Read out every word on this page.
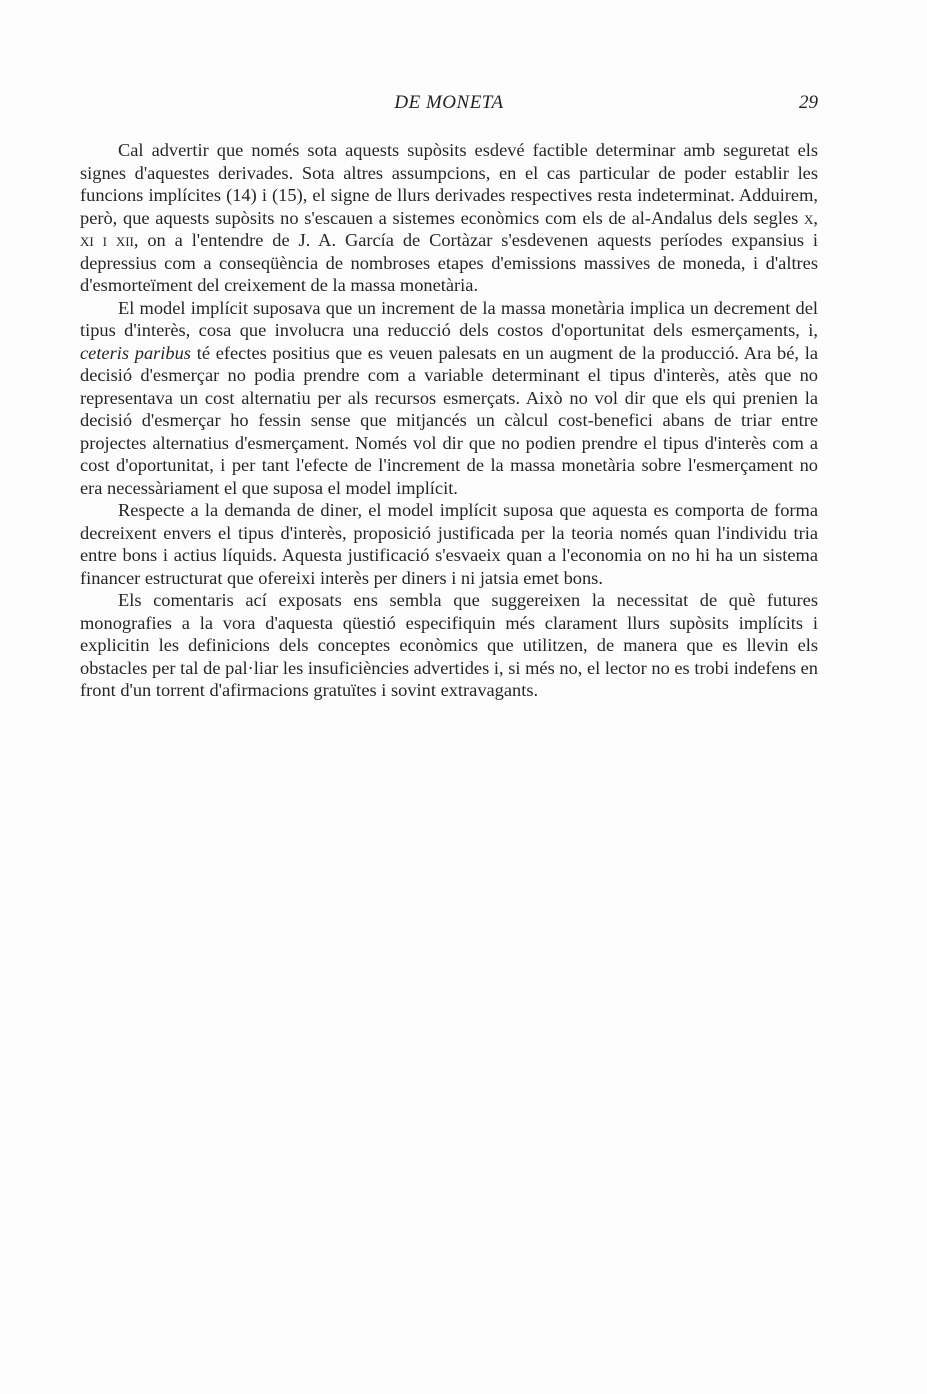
DE MONETA	29

Cal advertir que només sota aquests supòsits esdevé factible determinar amb seguretat els signes d'aquestes derivades. Sota altres assumpcions, en el cas particular de poder establir les funcions implícites (14) i (15), el signe de llurs derivades respectives resta indeterminat. Adduirem, però, que aquests supòsits no s'escauen a sistemes econòmics com els de al-Andalus dels segles x, xi i xii, on a l'entendre de J. A. García de Cortàzar s'esdevenen aquests períodes expansius i depressius com a conseqüència de nombroses etapes d'emissions massives de moneda, i d'altres d'esmorteïment del creixement de la massa monetària.

El model implícit suposava que un increment de la massa monetària implica un decrement del tipus d'interès, cosa que involucra una reducció dels costos d'oportunitat dels esmerçaments, i, ceteris paribus té efectes positius que es veuen palesats en un augment de la producció. Ara bé, la decisió d'esmerçar no podia prendre com a variable determinant el tipus d'interès, atès que no representava un cost alternatiu per als recursos esmerçats. Això no vol dir que els qui prenien la decisió d'esmerçar ho fessin sense que mitjancés un càlcul cost-benefici abans de triar entre projectes alternatius d'esmerçament. Només vol dir que no podien prendre el tipus d'interès com a cost d'oportunitat, i per tant l'efecte de l'increment de la massa monetària sobre l'esmerçament no era necessàriament el que suposa el model implícit.

Respecte a la demanda de diner, el model implícit suposa que aquesta es comporta de forma decreixent envers el tipus d'interès, proposició justificada per la teoria només quan l'individu tria entre bons i actius líquids. Aquesta justificació s'esvaeix quan a l'economia on no hi ha un sistema financer estructurat que ofereixi interès per diners i ni jatsia emet bons.

Els comentaris ací exposats ens sembla que suggereixen la necessitat de què futures monografies a la vora d'aquesta qüestió especifiquin més clarament llurs supòsits implícits i explicitin les definicions dels conceptes econòmics que utilitzen, de manera que es llevin els obstacles per tal de pal·liar les insuficiències advertides i, si més no, el lector no es trobi indefens en front d'un torrent d'afirmacions gratuïtes i sovint extravagants.
